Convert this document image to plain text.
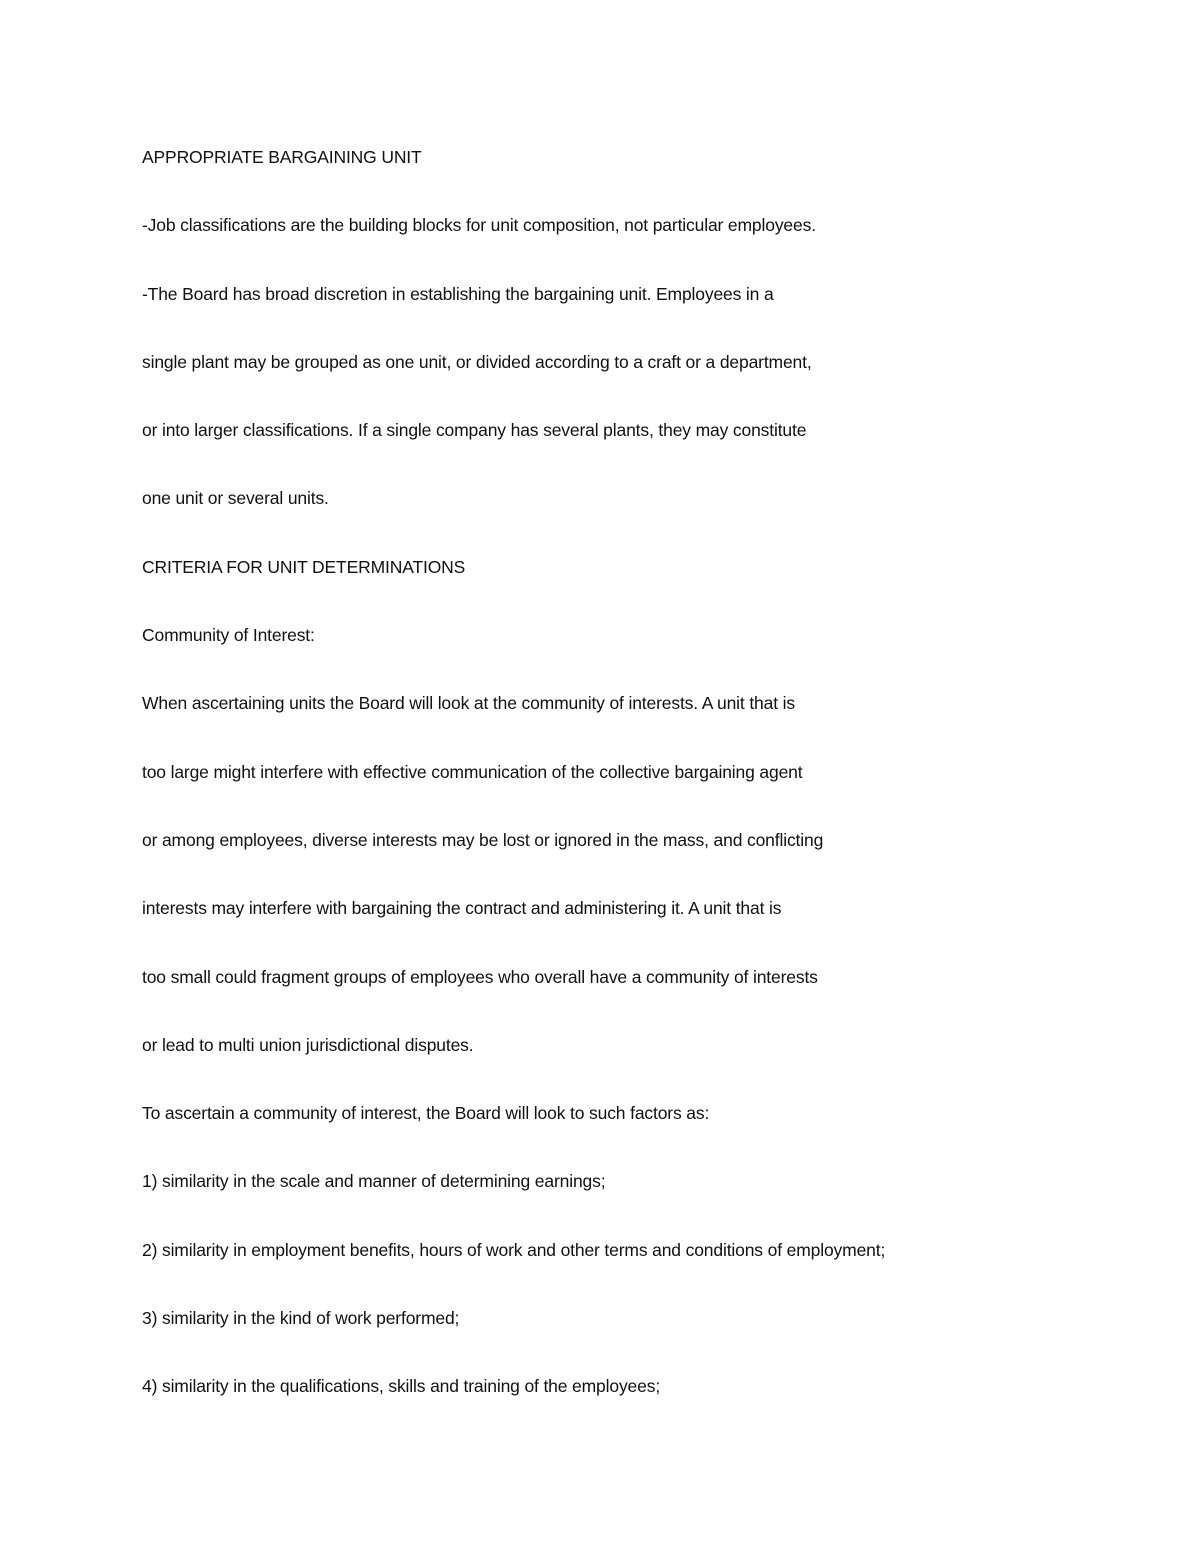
APPROPRIATE BARGAINING UNIT
-Job classifications are the building blocks for unit composition, not particular employees.
-The Board has broad discretion in establishing the bargaining unit. Employees in a
single plant may be grouped as one unit, or divided according to a craft or a department,
or into larger classifications. If a single company has several plants, they may constitute
one unit or several units.
CRITERIA FOR UNIT DETERMINATIONS
Community of Interest:
When ascertaining units the Board will look at the community of interests. A unit that is
too large might interfere with effective communication of the collective bargaining agent
or among employees, diverse interests may be lost or ignored in the mass, and conflicting
interests may interfere with bargaining the contract and administering it. A unit that is
too small could fragment groups of employees who overall have a community of interests
or lead to multi union jurisdictional disputes.
To ascertain a community of interest, the Board will look to such factors as:
1) similarity in the scale and manner of determining earnings;
2) similarity in employment benefits, hours of work and other terms and conditions of employment;
3) similarity in the kind of work performed;
4) similarity in the qualifications, skills and training of the employees;
